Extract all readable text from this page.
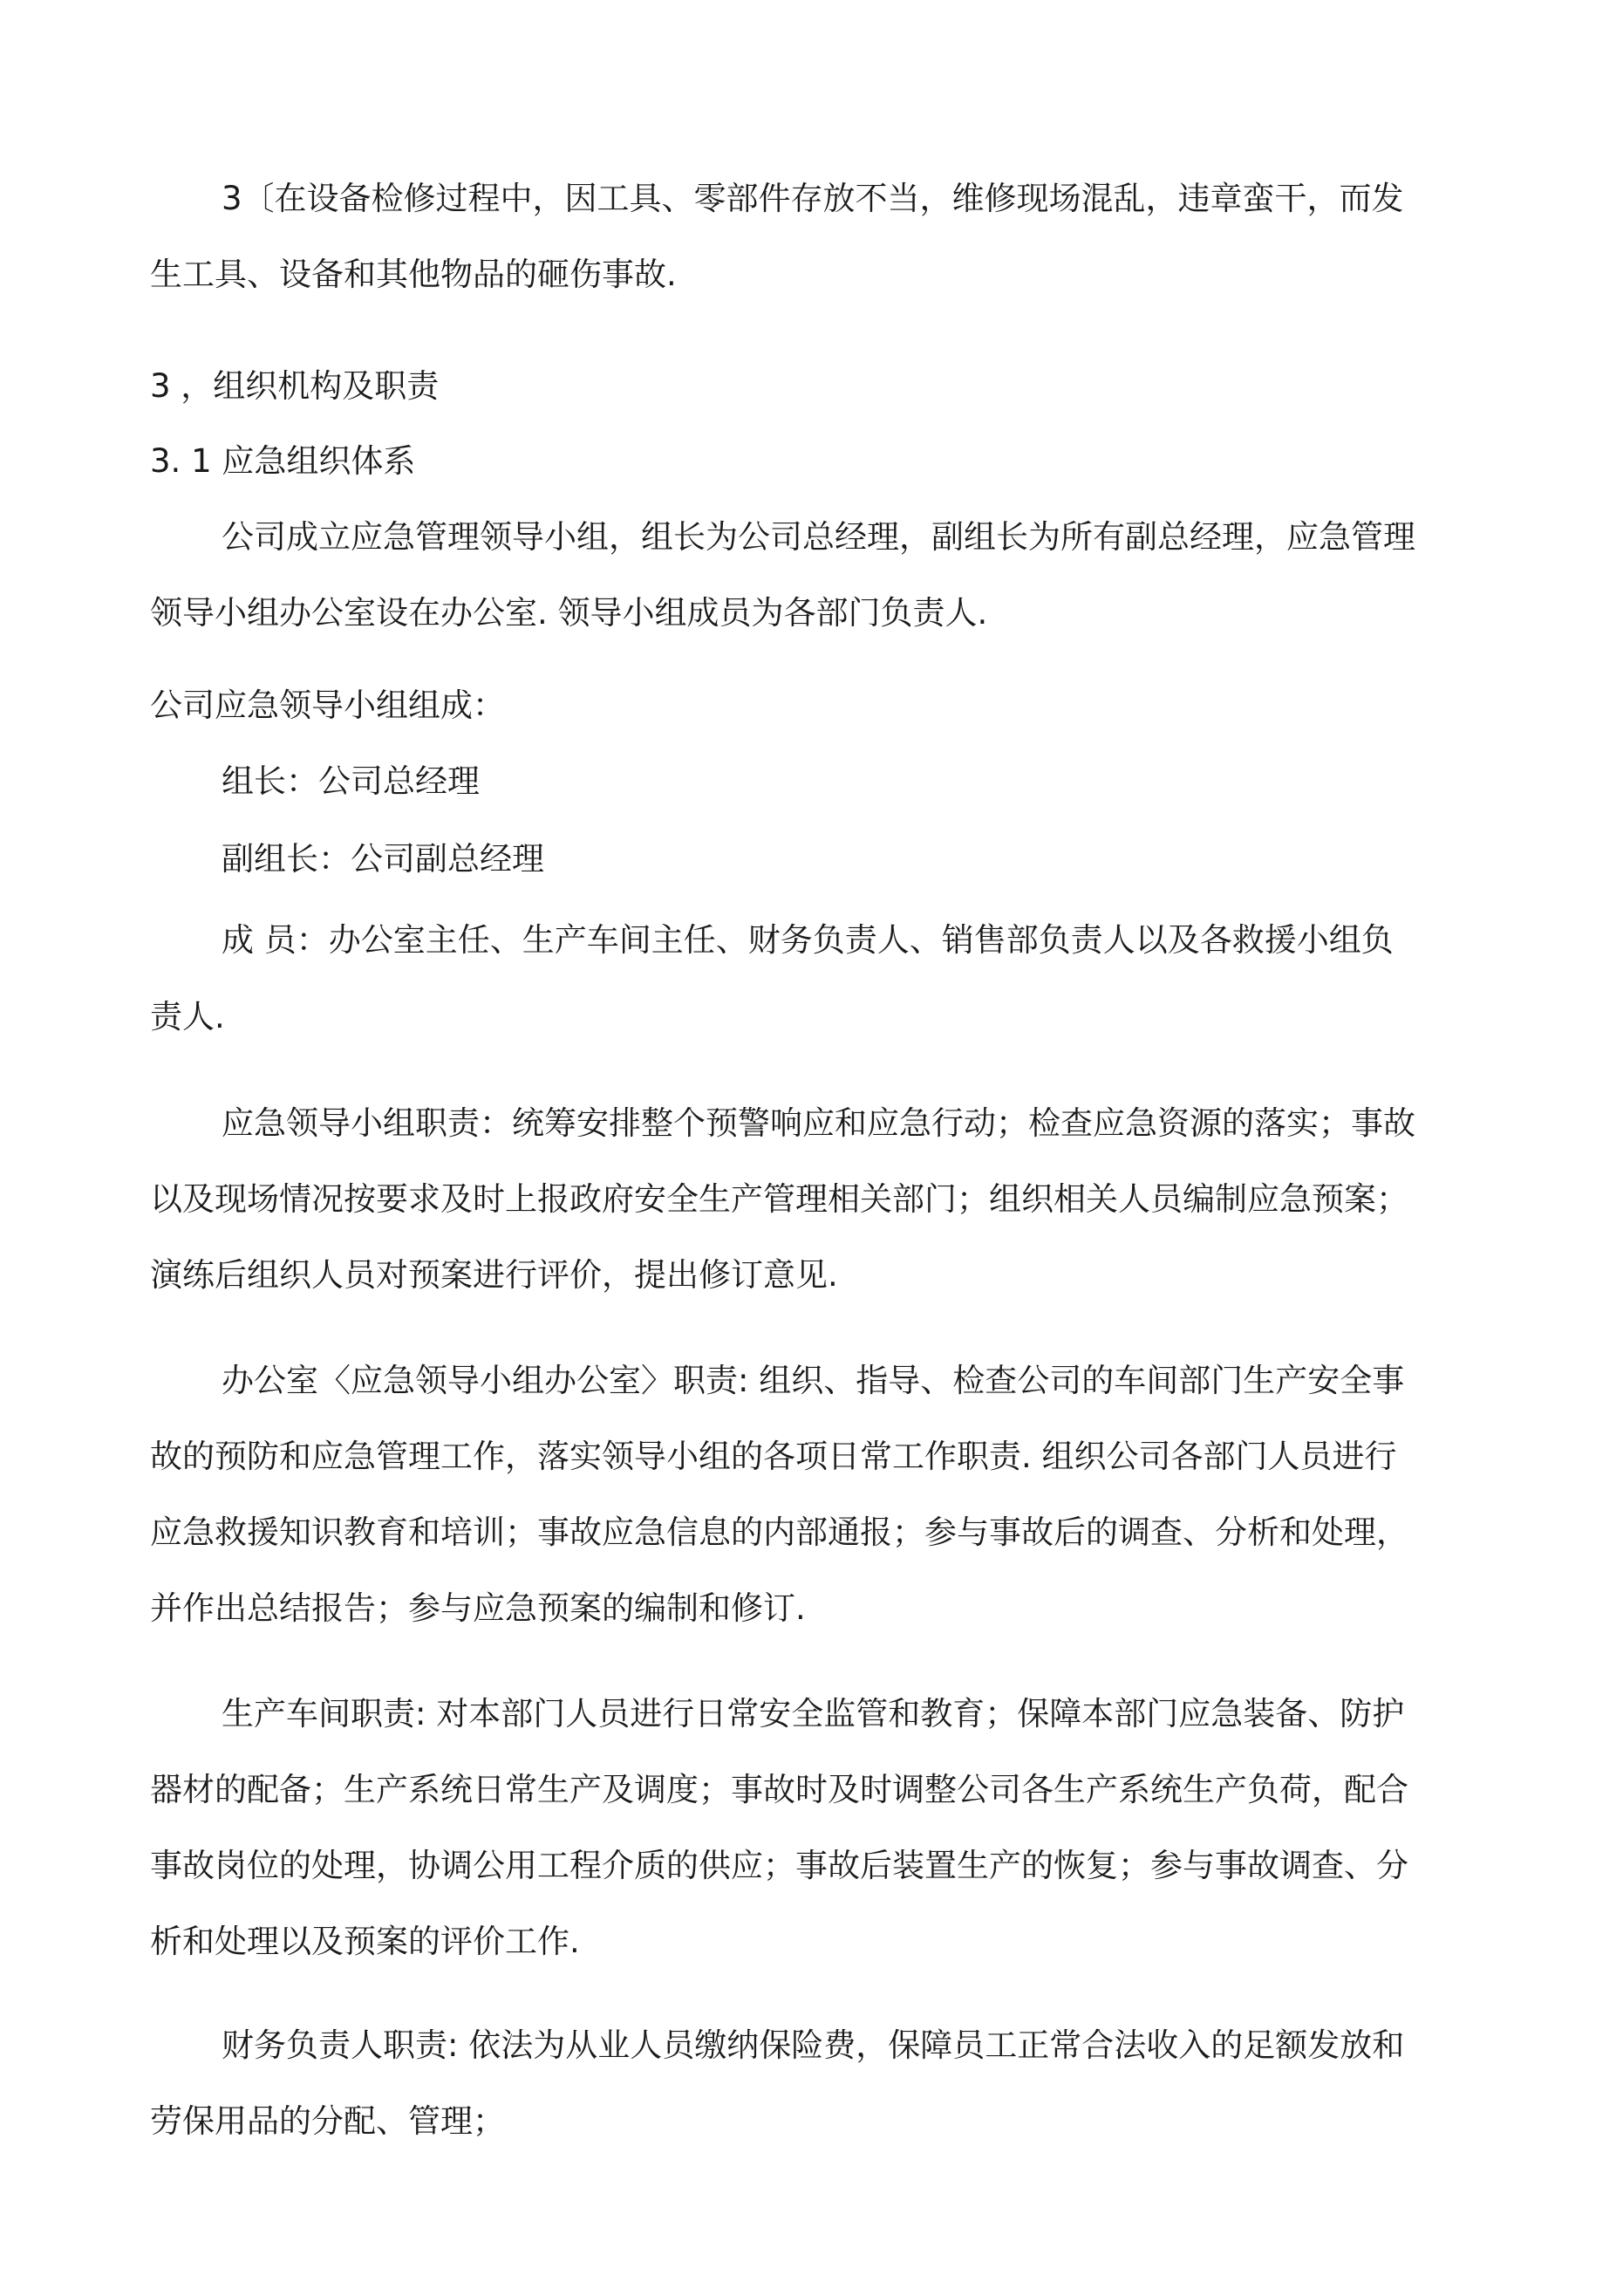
3〔在设备检修过程中，因工具、零部件存放不当，维修现场混乱，违章蛮干，而发
生工具、设备和其他物品的砸伤事故.
3 ，组织机构及职责
3. 1 应急组织体系
公司成立应急管理领导小组，组长为公司总经理，副组长为所有副总经理，应急管理
领导小组办公室设在办公室. 领导小组成员为各部门负责人.
公司应急领导小组组成：
组长：公司总经理
副组长：公司副总经理
成 员：办公室主任、生产车间主任、财务负责人、销售部负责人以及各救援小组负
责人.
应急领导小组职责：统筹安排整个预警响应和应急行动；检查应急资源的落实；事故
以及现场情况按要求及时上报政府安全生产管理相关部门；组织相关人员编制应急预案；
演练后组织人员对预案进行评价，提出修订意见.
办公室〈应急领导小组办公室〉职责: 组织、指导、检查公司的车间部门生产安全事
故的预防和应急管理工作，落实领导小组的各项日常工作职责. 组织公司各部门人员进行
应急救援知识教育和培训；事故应急信息的内部通报；参与事故后的调查、分析和处理，
并作出总结报告；参与应急预案的编制和修订.
生产车间职责: 对本部门人员进行日常安全监管和教育；保障本部门应急装备、防护
器材的配备；生产系统日常生产及调度；事故时及时调整公司各生产系统生产负荷，配合
事故岗位的处理，协调公用工程介质的供应；事故后装置生产的恢复；参与事故调查、分
析和处理以及预案的评价工作.
财务负责人职责: 依法为从业人员缴纳保险费，保障员工正常合法收入的足额发放和
劳保用品的分配、管理；
